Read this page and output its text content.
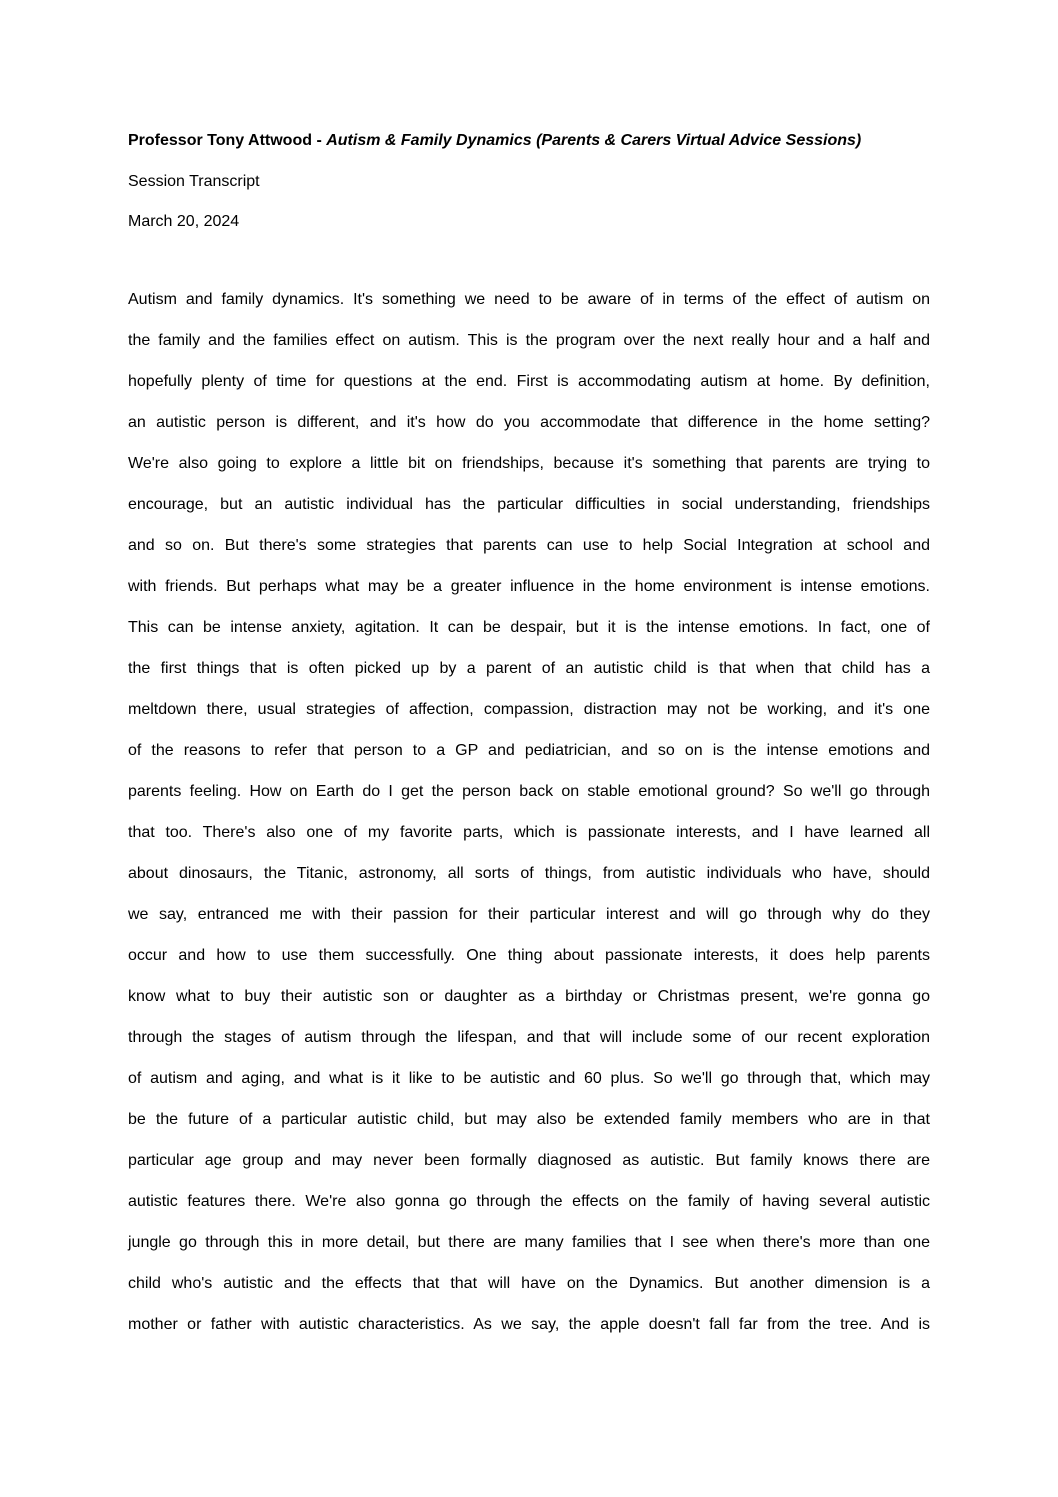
Professor Tony Attwood - Autism & Family Dynamics (Parents & Carers Virtual Advice Sessions)
Session Transcript
March 20, 2024
Autism and family dynamics. It's something we need to be aware of in terms of the effect of autism on
the family and the families effect on autism. This is the program over the next really hour and a half and
hopefully plenty of time for questions at the end. First is accommodating autism at home. By definition,
an autistic person is different, and it's how do you accommodate that difference in the home setting?
We're also going to explore a little bit on friendships, because it's something that parents are trying to
encourage, but an autistic individual has the particular difficulties in social understanding, friendships
and so on. But there's some strategies that parents can use to help Social Integration at school and
with friends. But perhaps what may be a greater influence in the home environment is intense emotions.
This can be intense anxiety, agitation. It can be despair, but it is the intense emotions. In fact, one of
the first things that is often picked up by a parent of an autistic child is that when that child has a
meltdown there, usual strategies of affection, compassion, distraction may not be working, and it's one
of the reasons to refer that person to a GP and pediatrician, and so on is the intense emotions and
parents feeling. How on Earth do I get the person back on stable emotional ground? So we'll go through
that too. There's also one of my favorite parts, which is passionate interests, and I have learned all
about dinosaurs, the Titanic, astronomy, all sorts of things, from autistic individuals who have, should
we say, entranced me with their passion for their particular interest and will go through why do they
occur and how to use them successfully. One thing about passionate interests, it does help parents
know what to buy their autistic son or daughter as a birthday or Christmas present, we're gonna go
through the stages of autism through the lifespan, and that will include some of our recent exploration
of autism and aging, and what is it like to be autistic and 60 plus. So we'll go through that, which may
be the future of a particular autistic child, but may also be extended family members who are in that
particular age group and may never been formally diagnosed as autistic. But family knows there are
autistic features there. We're also gonna go through the effects on the family of having several autistic
jungle go through this in more detail, but there are many families that I see when there's more than one
child who's autistic and the effects that that will have on the Dynamics. But another dimension is a
mother or father with autistic characteristics. As we say, the apple doesn't fall far from the tree. And is
